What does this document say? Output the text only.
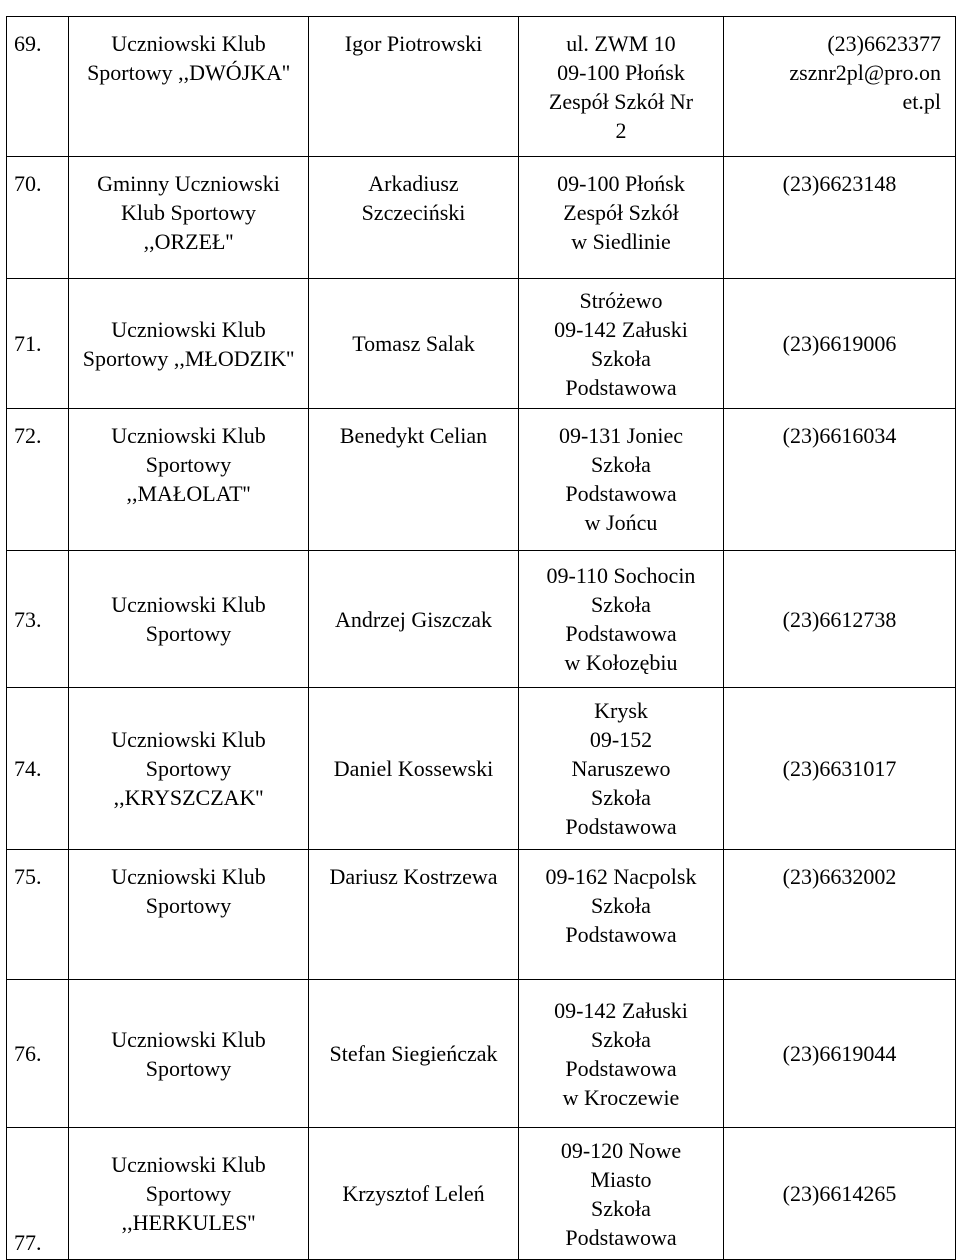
69.	Uczniowski Klub
Sportowy ,,DWÓJKA''	Igor Piotrowski	ul. ZWM 10
09-100 Płońsk
Zespół Szkół Nr
2	(23)6623377
zsznr2pl@pro.on
et.pl

70.	Gminny Uczniowski
Klub Sportowy
,,ORZEŁ''	Arkadiusz
Szczeciński	09-100 Płońsk
Zespół Szkół
w Siedlinie	(23)6623148

71.	Uczniowski Klub
Sportowy ,,MŁODZIK''	Tomasz Salak	Stróżewo
09-142 Załuski
Szkoła
Podstawowa	(23)6619006

72.	Uczniowski Klub
Sportowy
,,MAŁOLAT''	Benedykt Celian	09-131 Joniec
Szkoła
Podstawowa
w Jońcu	(23)6616034

73.	Uczniowski Klub
Sportowy	Andrzej Giszczak	09-110 Sochocin
Szkoła
Podstawowa
w Kołozębiu	(23)6612738

74.	Uczniowski Klub
Sportowy
,,KRYSZCZAK''	Daniel Kossewski	Krysk
09-152
Naruszewo
Szkoła
Podstawowa	(23)6631017

75.	Uczniowski Klub
Sportowy	Dariusz Kostrzewa	09-162 Nacpolsk
Szkoła
Podstawowa	(23)6632002

76.	Uczniowski Klub
Sportowy	Stefan Siegieńczak	09-142 Załuski
Szkoła
Podstawowa
w Kroczewie	(23)6619044

77.	Uczniowski Klub
Sportowy
,,HERKULES''	Krzysztof Leleń	09-120 Nowe
Miasto
Szkoła
Podstawowa	(23)6614265
